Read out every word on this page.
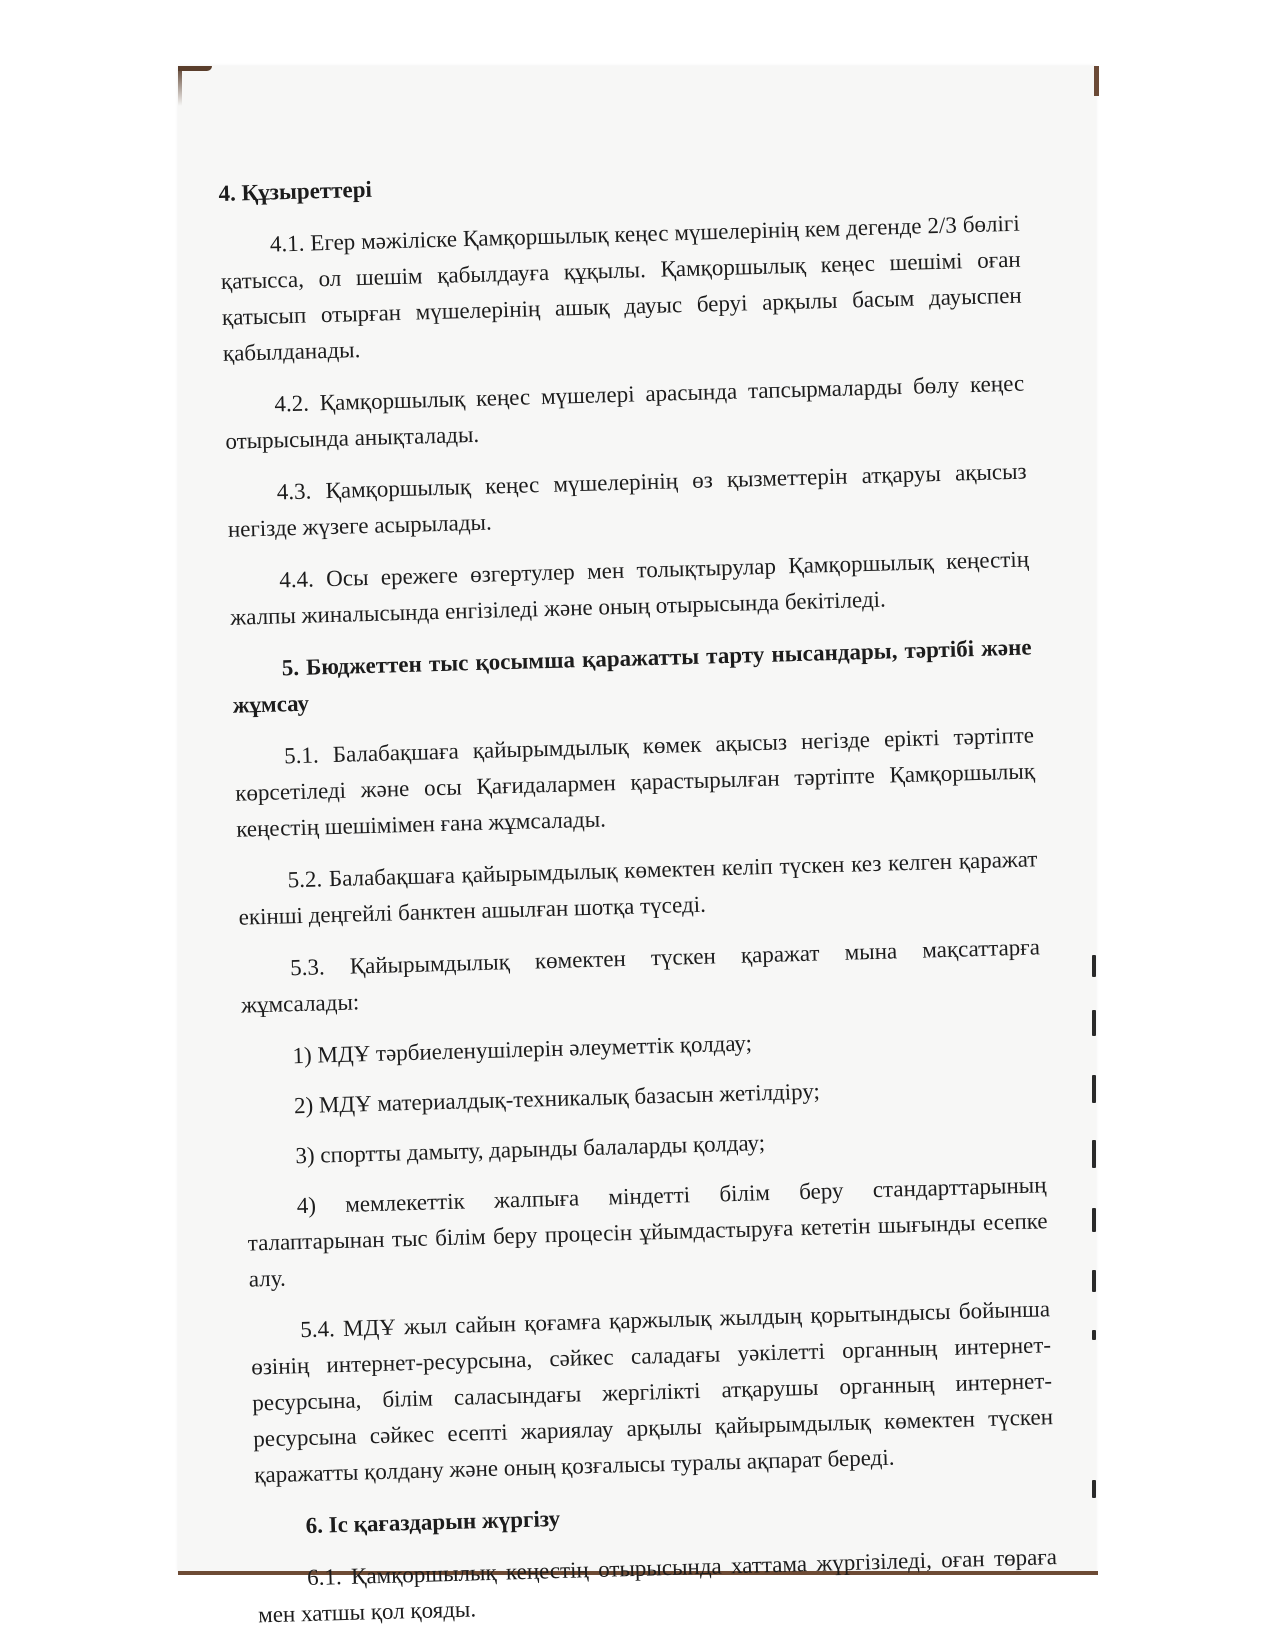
4. Құзыреттері

4.1. Егер мәжіліске Қамқоршылық кеңес мүшелерінің кем дегенде 2/3 бөлігі қатысса, ол шешім қабылдауға құқылы. Қамқоршылық кеңес шешімі оған қатысып отырған мүшелерінің ашық дауыс беруі арқылы басым дауыспен қабылданады.

4.2. Қамқоршылық кеңес мүшелері арасында тапсырмаларды бөлу кеңес отырысында анықталады.

4.3. Қамқоршылық кеңес мүшелерінің өз қызметтерін атқаруы ақысыз негізде жүзеге асырылады.

4.4. Осы ережеге өзгертулер мен толықтырулар Қамқоршылық кеңестің жалпы жиналысында енгізіледі және оның отырысында бекітіледі.

5. Бюджеттен тыс қосымша қаражатты тарту нысандары, тәртібі және жұмсау

5.1. Балабақшаға қайырымдылық көмек ақысыз негізде ерікті тәртіпте көрсетіледі және осы Қағидалармен қарастырылған тәртіпте Қамқоршылық кеңестің шешімімен ғана жұмсалады.

5.2. Балабақшаға қайырымдылық көмектен келіп түскен кез келген қаражат екінші деңгейлі банктен ашылған шотқа түседі.

5.3. Қайырымдылық көмектен түскен қаражат мына мақсаттарға жұмсалады:

1) МДҰ тәрбиеленушілерін әлеуметтік қолдау;

2) МДҰ материалдық-техникалық базасын жетілдіру;

3) спортты дамыту, дарынды балаларды қолдау;

4) мемлекеттік жалпыға міндетті білім беру стандарттарының талаптарынан тыс білім беру процесін ұйымдастыруға кететін шығынды есепке алу.

5.4. МДҰ жыл сайын қоғамға қаржылық жылдың қорытындысы бойынша өзінің интернет-ресурсына, сәйкес саладағы уәкілетті органның интернет-ресурсына, білім саласындағы жергілікті атқарушы органның интернет-ресурсына сәйкес есепті жариялау арқылы қайырымдылық көмектен түскен қаражатты қолдану және оның қозғалысы туралы ақпарат береді.

6. Іс қағаздарын жүргізу

6.1. Қамқоршылық кеңестің отырысында хаттама жүргізіледі, оған төраға мен хатшы қол қояды.
